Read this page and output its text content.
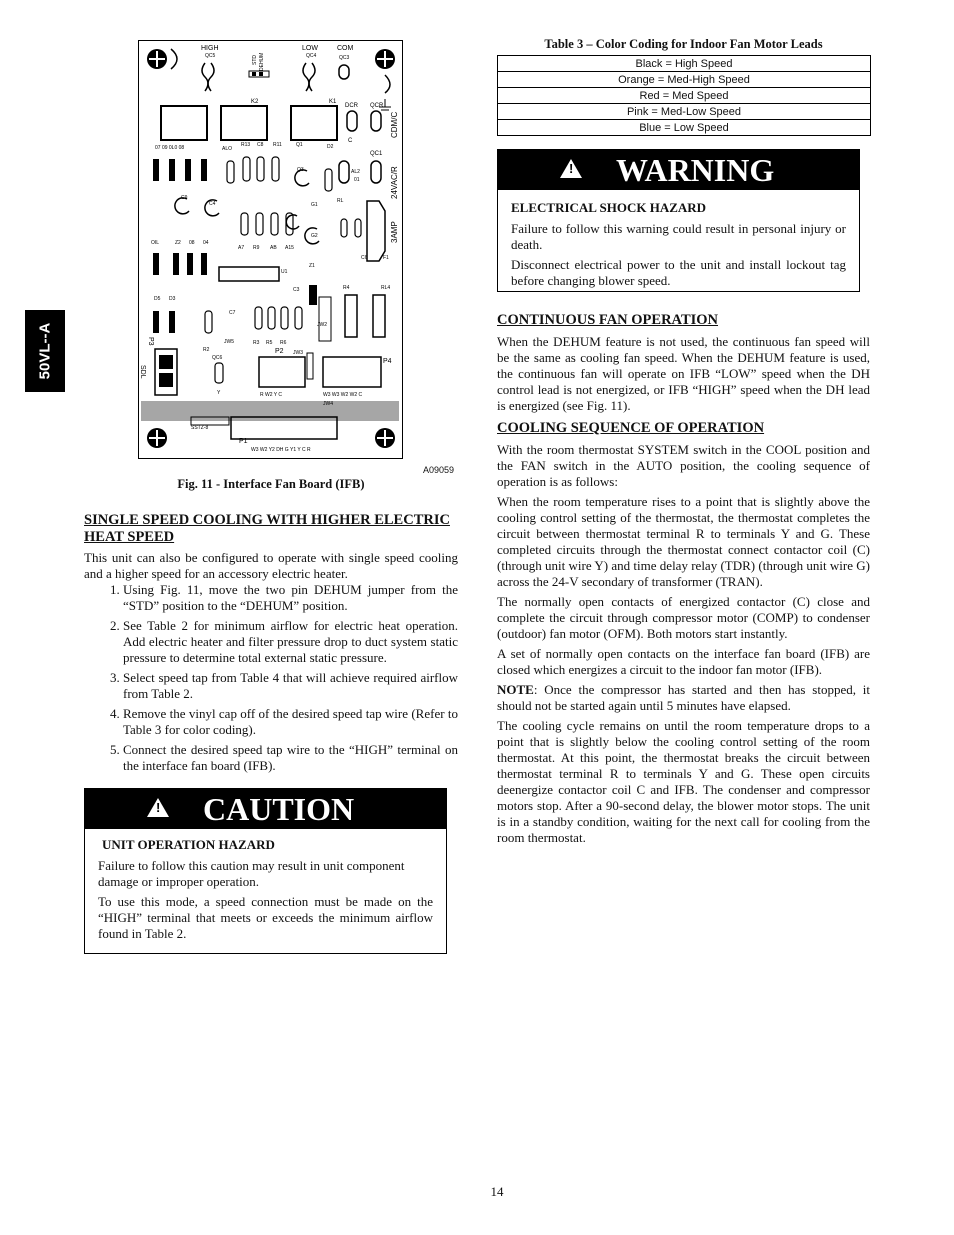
50VL--A
HIGH
QC5
LOW
QC4
COM
QC3
STD DEHUM
K2	K1
DCR QCR
C
QC1
07 09 0L0 08	ALO
R13 C8 R11	Q1	D2
Q3	AL2
CDM/C
24VAC/R
3AMP
C9
C4	G1
RL
01
G2
OIL	Z2 08 04
A7 R9 AB A15
Z1
U1
C6	F1
C3	R4	RL4
D5 D3
C7
JW2
R2
JW5	R3 R5 R6
JW3
QC6
Y	R W2 Y C	W3 W3 W2 W2 C
JW4
SSTZ-8
W3 W2 Y2 DH G Y1 Y C R
P2
P4
P1
P3
SDL
A09059
Fig. 11 - Interface Fan Board (IFB)
SINGLE SPEED COOLING WITH HIGHER ELECTRIC HEAT SPEED

This unit can also be configured to operate with single speed cooling and a higher speed for an accessory electric heater.

1. Using Fig. 11, move the two pin DEHUM jumper from the “STD” position to the “DEHUM” position.
2. See Table 2 for minimum airflow for electric heat operation. Add electric heater and filter pressure drop to duct system static pressure to determine total external static pressure.
3. Select speed tap from Table 4 that will achieve required airflow from Table 2.
4. Remove the vinyl cap off of the desired speed tap wire (Refer to Table 3 for color coding).
5. Connect the desired speed tap wire to the “HIGH” terminal on the interface fan board (IFB).
! CAUTION

UNIT OPERATION HAZARD

Failure to follow this caution may result in unit component damage or improper operation.

To use this mode, a speed connection must be made on the “HIGH” terminal that meets or exceeds the minimum airflow found in Table 2.

Table 3 – Color Coding for Indoor Fan Motor Leads
Black = High Speed
Orange = Med-High Speed
Red = Med Speed
Pink = Med-Low Speed
Blue = Low Speed
! WARNING

ELECTRICAL SHOCK HAZARD

Failure to follow this warning could result in personal injury or death.

Disconnect electrical power to the unit and install lockout tag before changing blower speed.

CONTINUOUS FAN OPERATION

When the DEHUM feature is not used, the continuous fan speed will be the same as cooling fan speed. When the DEHUM feature is used, the continuous fan will operate on IFB “LOW” speed when the DH control lead is not energized, or IFB “HIGH” speed when the DH lead is energized (see Fig. 11).

COOLING SEQUENCE OF OPERATION

With the room thermostat SYSTEM switch in the COOL position and the FAN switch in the AUTO position, the cooling sequence of operation is as follows:

When the room temperature rises to a point that is slightly above the cooling control setting of the thermostat, the thermostat completes the circuit between thermostat terminal R to terminals Y and G. These completed circuits through the thermostat connect contactor coil (C) (through unit wire Y) and time delay relay (TDR) (through unit wire G) across the 24-V secondary of transformer (TRAN).

The normally open contacts of energized contactor (C) close and complete the circuit through compressor motor (COMP) to condenser (outdoor) fan motor (OFM). Both motors start instantly.

A set of normally open contacts on the interface fan board (IFB) are closed which energizes a circuit to the indoor fan motor (IFB).

NOTE: Once the compressor has started and then has stopped, it should not be started again until 5 minutes have elapsed.

The cooling cycle remains on until the room temperature drops to a point that is slightly below the cooling control setting of the room thermostat. At this point, the thermostat breaks the circuit between thermostat terminal R to terminals Y and G. These open circuits deenergize contactor coil C and IFB. The condenser and compressor motors stop. After a 90-second delay, the blower motor stops. The unit is in a standby condition, waiting for the next call for cooling from the room thermostat.

14
